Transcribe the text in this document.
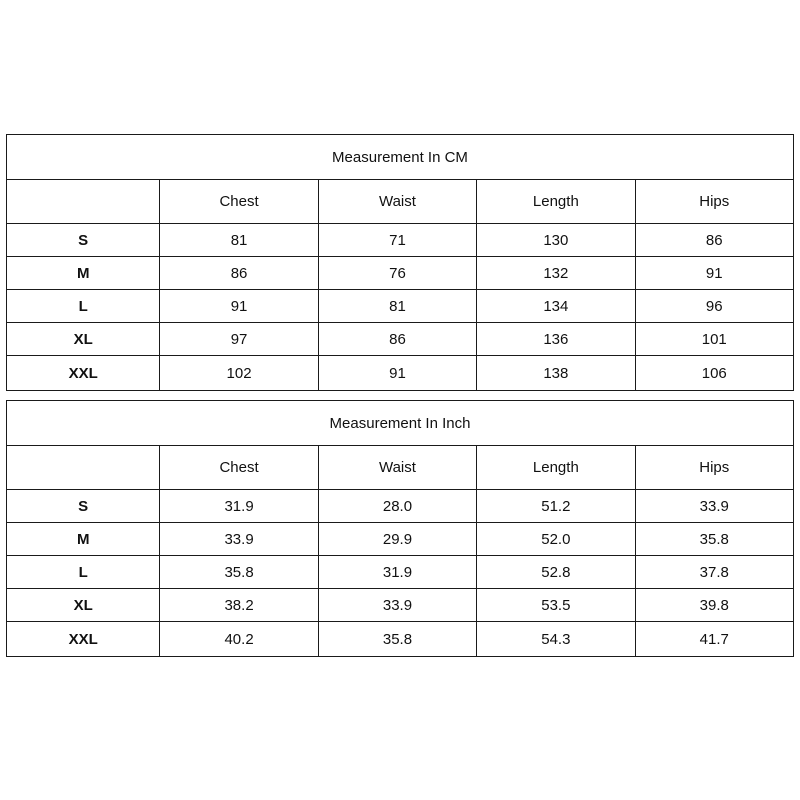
Measurement In CM				
	Chest	Waist	Length	Hips
S	81	71	130	86
M	86	76	132	91
L	91	81	134	96
XL	97	86	136	101
XXL	102	91	138	106
Measurement In Inch				
	Chest	Waist	Length	Hips
S	31.9	28.0	51.2	33.9
M	33.9	29.9	52.0	35.8
L	35.8	31.9	52.8	37.8
XL	38.2	33.9	53.5	39.8
XXL	40.2	35.8	54.3	41.7
